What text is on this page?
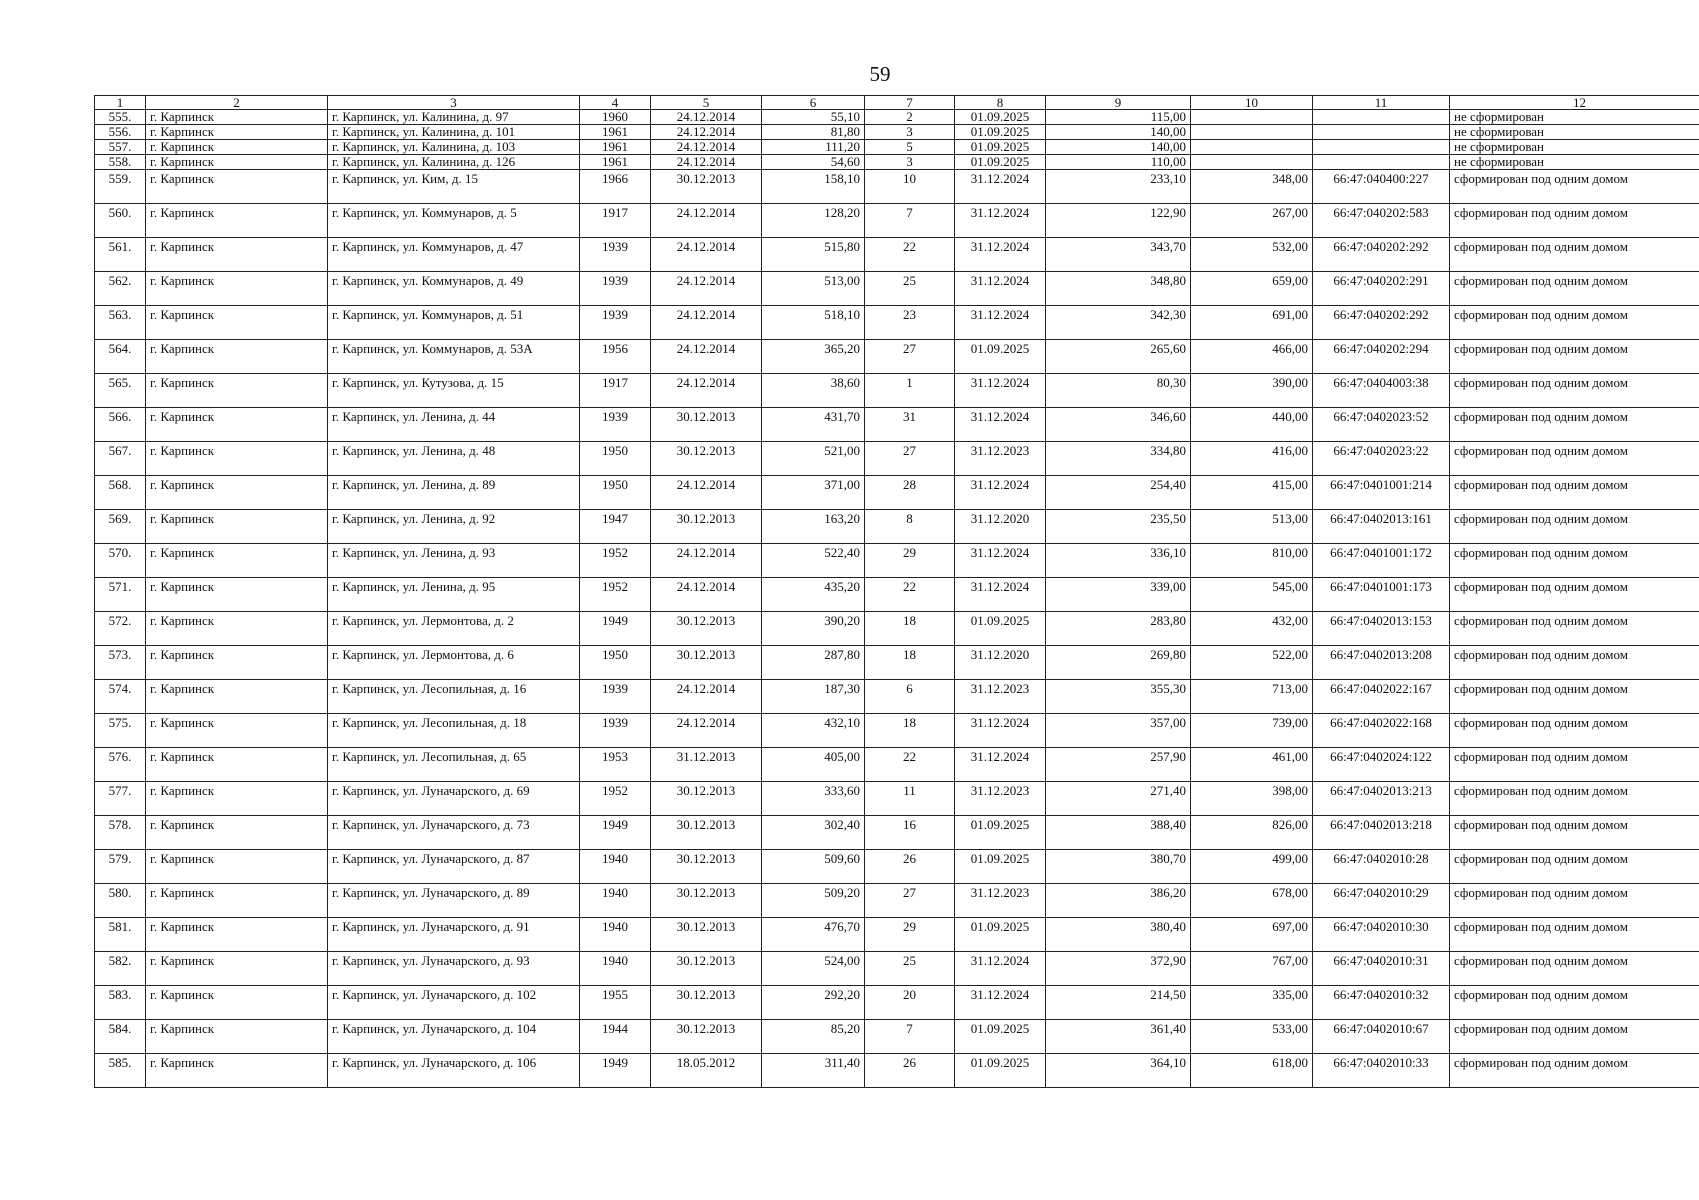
59
1	2	3	4	5	6	7	8	9	10	11	12
555.	г. Карпинск	г. Карпинск, ул. Калинина, д. 97	1960	24.12.2014	55,10	2	01.09.2025	115,00			не сформирован
556.	г. Карпинск	г. Карпинск, ул. Калинина, д. 101	1961	24.12.2014	81,80	3	01.09.2025	140,00			не сформирован
557.	г. Карпинск	г. Карпинск, ул. Калинина, д. 103	1961	24.12.2014	111,20	5	01.09.2025	140,00			не сформирован
558.	г. Карпинск	г. Карпинск, ул. Калинина, д. 126	1961	24.12.2014	54,60	3	01.09.2025	110,00			не сформирован
559.	г. Карпинск	г. Карпинск, ул. Ким, д. 15	1966	30.12.2013	158,10	10	31.12.2024	233,10	348,00	66:47:040400:227	сформирован под одним домом
560.	г. Карпинск	г. Карпинск, ул. Коммунаров, д. 5	1917	24.12.2014	128,20	7	31.12.2024	122,90	267,00	66:47:040202:583	сформирован под одним домом
561.	г. Карпинск	г. Карпинск, ул. Коммунаров, д. 47	1939	24.12.2014	515,80	22	31.12.2024	343,70	532,00	66:47:040202:292	сформирован под одним домом
562.	г. Карпинск	г. Карпинск, ул. Коммунаров, д. 49	1939	24.12.2014	513,00	25	31.12.2024	348,80	659,00	66:47:040202:291	сформирован под одним домом
563.	г. Карпинск	г. Карпинск, ул. Коммунаров, д. 51	1939	24.12.2014	518,10	23	31.12.2024	342,30	691,00	66:47:040202:292	сформирован под одним домом
564.	г. Карпинск	г. Карпинск, ул. Коммунаров, д. 53А	1956	24.12.2014	365,20	27	01.09.2025	265,60	466,00	66:47:040202:294	сформирован под одним домом
565.	г. Карпинск	г. Карпинск, ул. Кутузова, д. 15	1917	24.12.2014	38,60	1	31.12.2024	80,30	390,00	66:47:0404003:38	сформирован под одним домом
566.	г. Карпинск	г. Карпинск, ул. Ленина, д. 44	1939	30.12.2013	431,70	31	31.12.2024	346,60	440,00	66:47:0402023:52	сформирован под одним домом
567.	г. Карпинск	г. Карпинск, ул. Ленина, д. 48	1950	30.12.2013	521,00	27	31.12.2023	334,80	416,00	66:47:0402023:22	сформирован под одним домом
568.	г. Карпинск	г. Карпинск, ул. Ленина, д. 89	1950	24.12.2014	371,00	28	31.12.2024	254,40	415,00	66:47:0401001:214	сформирован под одним домом
569.	г. Карпинск	г. Карпинск, ул. Ленина, д. 92	1947	30.12.2013	163,20	8	31.12.2020	235,50	513,00	66:47:0402013:161	сформирован под одним домом
570.	г. Карпинск	г. Карпинск, ул. Ленина, д. 93	1952	24.12.2014	522,40	29	31.12.2024	336,10	810,00	66:47:0401001:172	сформирован под одним домом
571.	г. Карпинск	г. Карпинск, ул. Ленина, д. 95	1952	24.12.2014	435,20	22	31.12.2024	339,00	545,00	66:47:0401001:173	сформирован под одним домом
572.	г. Карпинск	г. Карпинск, ул. Лермонтова, д. 2	1949	30.12.2013	390,20	18	01.09.2025	283,80	432,00	66:47:0402013:153	сформирован под одним домом
573.	г. Карпинск	г. Карпинск, ул. Лермонтова, д. 6	1950	30.12.2013	287,80	18	31.12.2020	269,80	522,00	66:47:0402013:208	сформирован под одним домом
574.	г. Карпинск	г. Карпинск, ул. Лесопильная, д. 16	1939	24.12.2014	187,30	6	31.12.2023	355,30	713,00	66:47:0402022:167	сформирован под одним домом
575.	г. Карпинск	г. Карпинск, ул. Лесопильная, д. 18	1939	24.12.2014	432,10	18	31.12.2024	357,00	739,00	66:47:0402022:168	сформирован под одним домом
576.	г. Карпинск	г. Карпинск, ул. Лесопильная, д. 65	1953	31.12.2013	405,00	22	31.12.2024	257,90	461,00	66:47:0402024:122	сформирован под одним домом
577.	г. Карпинск	г. Карпинск, ул. Луначарского, д. 69	1952	30.12.2013	333,60	11	31.12.2023	271,40	398,00	66:47:0402013:213	сформирован под одним домом
578.	г. Карпинск	г. Карпинск, ул. Луначарского, д. 73	1949	30.12.2013	302,40	16	01.09.2025	388,40	826,00	66:47:0402013:218	сформирован под одним домом
579.	г. Карпинск	г. Карпинск, ул. Луначарского, д. 87	1940	30.12.2013	509,60	26	01.09.2025	380,70	499,00	66:47:0402010:28	сформирован под одним домом
580.	г. Карпинск	г. Карпинск, ул. Луначарского, д. 89	1940	30.12.2013	509,20	27	31.12.2023	386,20	678,00	66:47:0402010:29	сформирован под одним домом
581.	г. Карпинск	г. Карпинск, ул. Луначарского, д. 91	1940	30.12.2013	476,70	29	01.09.2025	380,40	697,00	66:47:0402010:30	сформирован под одним домом
582.	г. Карпинск	г. Карпинск, ул. Луначарского, д. 93	1940	30.12.2013	524,00	25	31.12.2024	372,90	767,00	66:47:0402010:31	сформирован под одним домом
583.	г. Карпинск	г. Карпинск, ул. Луначарского, д. 102	1955	30.12.2013	292,20	20	31.12.2024	214,50	335,00	66:47:0402010:32	сформирован под одним домом
584.	г. Карпинск	г. Карпинск, ул. Луначарского, д. 104	1944	30.12.2013	85,20	7	01.09.2025	361,40	533,00	66:47:0402010:67	сформирован под одним домом
585.	г. Карпинск	г. Карпинск, ул. Луначарского, д. 106	1949	18.05.2012	311,40	26	01.09.2025	364,10	618,00	66:47:0402010:33	сформирован под одним домом
